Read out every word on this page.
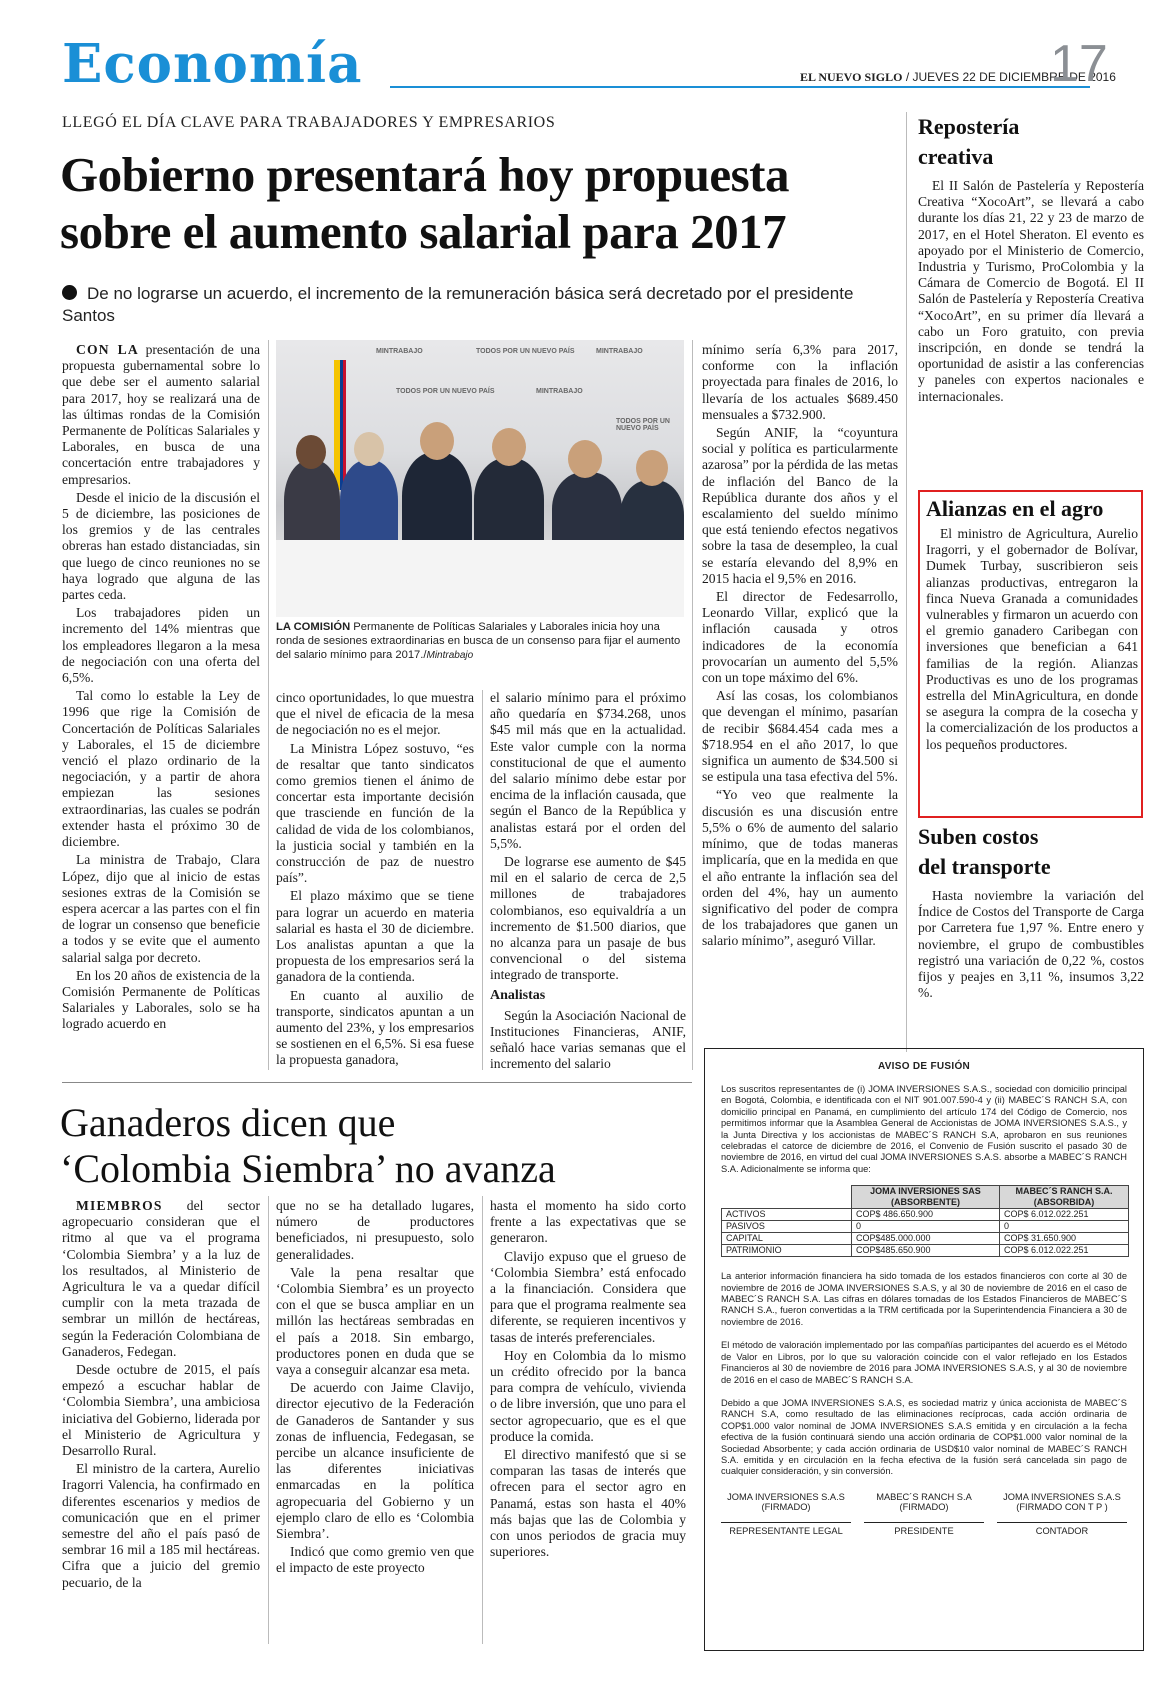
Economía	EL NUEVO SIGLO / JUEVES 22 DE DICIEMBRE DE 2016
17
LLEGÓ EL DÍA CLAVE PARA TRABAJADORES Y EMPRESARIOS
Gobierno presentará hoy propuesta
sobre el aumento salarial para 2017
De no lograrse un acuerdo, el incremento de la remuneración básica será decretado por el presidente Santos

CON LA presentación de una propuesta gubernamental sobre lo que debe ser el aumento salarial para 2017, hoy se realizará una de las últimas rondas de la Comisión Permanente de Políticas Salariales y Laborales, en busca de una concertación entre trabajadores y empresarios.

Desde el inicio de la discusión el 5 de diciembre, las posiciones de los gremios y de las centrales obreras han estado distanciadas, sin que luego de cinco reuniones no se haya logrado que alguna de las partes ceda.

Los trabajadores piden un incremento del 14% mientras que los empleadores llegaron a la mesa de negociación con una oferta del 6,5%.

Tal como lo estable la Ley de 1996 que rige la Comisión de Concertación de Políticas Salariales y Laborales, el 15 de diciembre venció el plazo ordinario de la negociación, y a partir de ahora empiezan las sesiones extraordinarias, las cuales se podrán extender hasta el próximo 30 de diciembre.

La ministra de Trabajo, Clara López, dijo que al inicio de estas sesiones extras de la Comisión se espera acercar a las partes con el fin de lograr un consenso que beneficie a todos y se evite que el aumento salarial salga por decreto.

En los 20 años de existencia de la Comisión Permanente de Políticas Salariales y Laborales, solo se ha logrado acuerdo en

MINTRABAJO	TODOS POR UN NUEVO PAÍS	MINTRABAJO
TODOS POR UN NUEVO PAÍS	MINTRABAJO
TODOS POR UN NUEVO PAÍS
LA COMISIÓN Permanente de Políticas Salariales y Laborales inicia hoy una ronda de sesiones extraordinarias en busca de un consenso para fijar el aumento del salario mínimo para 2017./Mintrabajo

cinco oportunidades, lo que muestra que el nivel de eficacia de la mesa de negociación no es el mejor.

La Ministra López sostuvo, “es de resaltar que tanto sindicatos como gremios tienen el ánimo de concertar esta importante decisión que trasciende en función de la calidad de vida de los colombianos, la justicia social y también en la construcción de paz de nuestro país”.

El plazo máximo que se tiene para lograr un acuerdo en materia salarial es hasta el 30 de diciembre. Los analistas apuntan a que la propuesta de los empresarios será la ganadora de la contienda.

En cuanto al auxilio de transporte, sindicatos apuntan a un aumento del 23%, y los empresarios se sostienen en el 6,5%. Si esa fuese la propuesta ganadora,

el salario mínimo para el próximo año quedaría en $734.268, unos $45 mil más que en la actualidad. Este valor cumple con la norma constitucional de que el aumento del salario mínimo debe estar por encima de la inflación causada, que según el Banco de la República y analistas estará por el orden del 5,5%.

De lograrse ese aumento de $45 mil en el salario de cerca de 2,5 millones de trabajadores colombianos, eso equivaldría a un incremento de $1.500 diarios, que no alcanza para un pasaje de bus convencional o del sistema integrado de transporte.

Analistas

Según la Asociación Nacional de Instituciones Financieras, ANIF, señaló hace varias semanas que el incremento del salario

mínimo sería 6,3% para 2017, conforme con la inflación proyectada para finales de 2016, lo llevaría de los actuales $689.450 mensuales a $732.900.

Según ANIF, la “coyuntura social y política es particularmente azarosa” por la pérdida de las metas de inflación del Banco de la República durante dos años y el escalamiento del sueldo mínimo que está teniendo efectos negativos sobre la tasa de desempleo, la cual se estaría elevando del 8,9% en 2015 hacia el 9,5% en 2016.

El director de Fedesarrollo, Leonardo Villar, explicó que la inflación causada y otros indicadores de la economía provocarían un aumento del 5,5% con un tope máximo del 6%.

Así las cosas, los colombianos que devengan el mínimo, pasarían de recibir $684.454 cada mes a $718.954 en el año 2017, lo que significa un aumento de $34.500 si se estipula una tasa efectiva del 5%.

“Yo veo que realmente la discusión es una discusión entre 5,5% o 6% de aumento del salario mínimo, que de todas maneras implicaría, que en la medida en que el año entrante la inflación sea del orden del 4%, hay un aumento significativo del poder de compra de los trabajadores que ganen un salario mínimo”, aseguró Villar.

Repostería
creativa
El II Salón de Pastelería y Repostería Creativa “XocoArt”, se llevará a cabo durante los días 21, 22 y 23 de marzo de 2017, en el Hotel Sheraton. El evento es apoyado por el Ministerio de Comercio, Industria y Turismo, ProColombia y la Cámara de Comercio de Bogotá. El II Salón de Pastelería y Repostería Creativa “XocoArt”, en su primer día llevará a cabo un Foro gratuito, con previa inscripción, en donde se tendrá la oportunidad de asistir a las conferencias y paneles con expertos nacionales e internacionales.
Alianzas en el agro
El ministro de Agricultura, Aurelio Iragorri, y el gobernador de Bolívar, Dumek Turbay, suscribieron seis alianzas productivas, entregaron la finca Nueva Granada a comunidades vulnerables y firmaron un acuerdo con el gremio ganadero Caribegan con inversiones que benefician a 641 familias de la región. Alianzas Productivas es uno de los programas estrella del MinAgricultura, en donde se asegura la compra de la cosecha y la comercialización de los productos a los pequeños productores.
Suben costos
del transporte
Hasta noviembre la variación del Índice de Costos del Transporte de Carga por Carretera fue 1,97 %. Entre enero y noviembre, el grupo de combustibles registró una variación de 0,22 %, costos fijos y peajes en 3,11 %, insumos 3,22 %.
Ganaderos dicen que
‘Colombia Siembra’ no avanza

MIEMBROS del sector agropecuario consideran que el ritmo al que va el programa ‘Colombia Siembra’ y a la luz de los resultados, al Ministerio de Agricultura le va a quedar difícil cumplir con la meta trazada de sembrar un millón de hectáreas, según la Federación Colombiana de Ganaderos, Fedegan.

Desde octubre de 2015, el país empezó a escuchar hablar de ‘Colombia Siembra’, una ambiciosa iniciativa del Gobierno, liderada por el Ministerio de Agricultura y Desarrollo Rural.

El ministro de la cartera, Aurelio Iragorri Valencia, ha confirmado en diferentes escenarios y medios de comunicación que en el primer semestre del año el país pasó de sembrar 16 mil a 185 mil hectáreas. Cifra que a juicio del gremio pecuario, de la

que no se ha detallado lugares, número de productores beneficiados, ni presupuesto, solo generalidades.

Vale la pena resaltar que ‘Colombia Siembra’ es un proyecto con el que se busca ampliar en un millón las hectáreas sembradas en el país a 2018. Sin embargo, productores ponen en duda que se vaya a conseguir alcanzar esa meta.

De acuerdo con Jaime Clavijo, director ejecutivo de la Federación de Ganaderos de Santander y sus zonas de influencia, Fedegasan, se percibe un alcance insuficiente de las diferentes iniciativas enmarcadas en la política agropecuaria del Gobierno y un ejemplo claro de ello es ‘Colombia Siembra’.

Indicó que como gremio ven que el impacto de este proyecto

hasta el momento ha sido corto frente a las expectativas que se generaron.

Clavijo expuso que el grueso de ‘Colombia Siembra’ está enfocado a la financiación. Considera que para que el programa realmente sea diferente, se requieren incentivos y tasas de interés preferenciales.

Hoy en Colombia da lo mismo un crédito ofrecido por la banca para compra de vehículo, vivienda o de libre inversión, que uno para el sector agropecuario, que es el que produce la comida.

El directivo manifestó que si se comparan las tasas de interés que ofrecen para el sector agro en Panamá, estas son hasta el 40% más bajas que las de Colombia y con unos periodos de gracia muy superiores.

AVISO DE FUSIÓN
Los suscritos representantes de (i) JOMA INVERSIONES S.A.S., sociedad con domicilio principal en Bogotá, Colombia, e identificada con el NIT 901.007.590-4 y (ii) MABEC´S RANCH S.A, con domicilio principal en Panamá, en cumplimiento del artículo 174 del Código de Comercio, nos permitimos informar que la Asamblea General de Accionistas de JOMA INVERSIONES S.A.S., y la Junta Directiva y los accionistas de MABEC´S RANCH S.A, aprobaron en sus reuniones celebradas el catorce de diciembre de 2016, el Convenio de Fusión suscrito el pasado 30 de noviembre de 2016, en virtud del cual JOMA INVERSIONES S.A.S. absorbe a MABEC´S RANCH S.A. Adicionalmente se informa que:
	JOMA INVERSIONES SAS (ABSORBENTE)	MABEC´S RANCH S.A. (ABSORBIDA)
ACTIVOS	COP$ 486.650.900	COP$ 6.012.022.251
PASIVOS	0	0
CAPITAL	COP$485.000.000	COP$ 31.650.900
PATRIMONIO	COP$485.650.900	COP$ 6.012.022.251
La anterior información financiera ha sido tomada de los estados financieros con corte al 30 de noviembre de 2016 de JOMA INVERSIONES S.A.S, y al 30 de noviembre de 2016 en el caso de MABEC´S RANCH S.A. Las cifras en dólares tomadas de los Estados Financieros de MABEC´S RANCH S.A., fueron convertidas a la TRM certificada por la Superintendencia Financiera a 30 de noviembre de 2016.
El método de valoración implementado por las compañías participantes del acuerdo es el Método de Valor en Libros, por lo que su valoración coincide con el valor reflejado en los Estados Financieros al 30 de noviembre de 2016 para JOMA INVERSIONES S.A.S, y al 30 de noviembre de 2016 en el caso de MABEC´S RANCH S.A.
Debido a que JOMA INVERSIONES S.A.S, es sociedad matriz y única accionista de MABEC´S RANCH S.A, como resultado de las eliminaciones recíprocas, cada acción ordinaria de COP$1.000 valor nominal de JOMA INVERSIONES S.A.S emitida y en circulación a la fecha efectiva de la fusión continuará siendo una acción ordinaria de COP$1.000 valor nominal de la Sociedad Absorbente; y cada acción ordinaria de USD$10 valor nominal de MABEC´S RANCH S.A. emitida y en circulación en la fecha efectiva de la fusión será cancelada sin pago de cualquier consideración, y sin conversión.
JOMA INVERSIONES S.A.S
(FIRMADO)
REPRESENTANTE LEGAL
MABEC´S RANCH S.A
(FIRMADO)
PRESIDENTE
JOMA INVERSIONES S.A.S
(FIRMADO CON T P )
CONTADOR
